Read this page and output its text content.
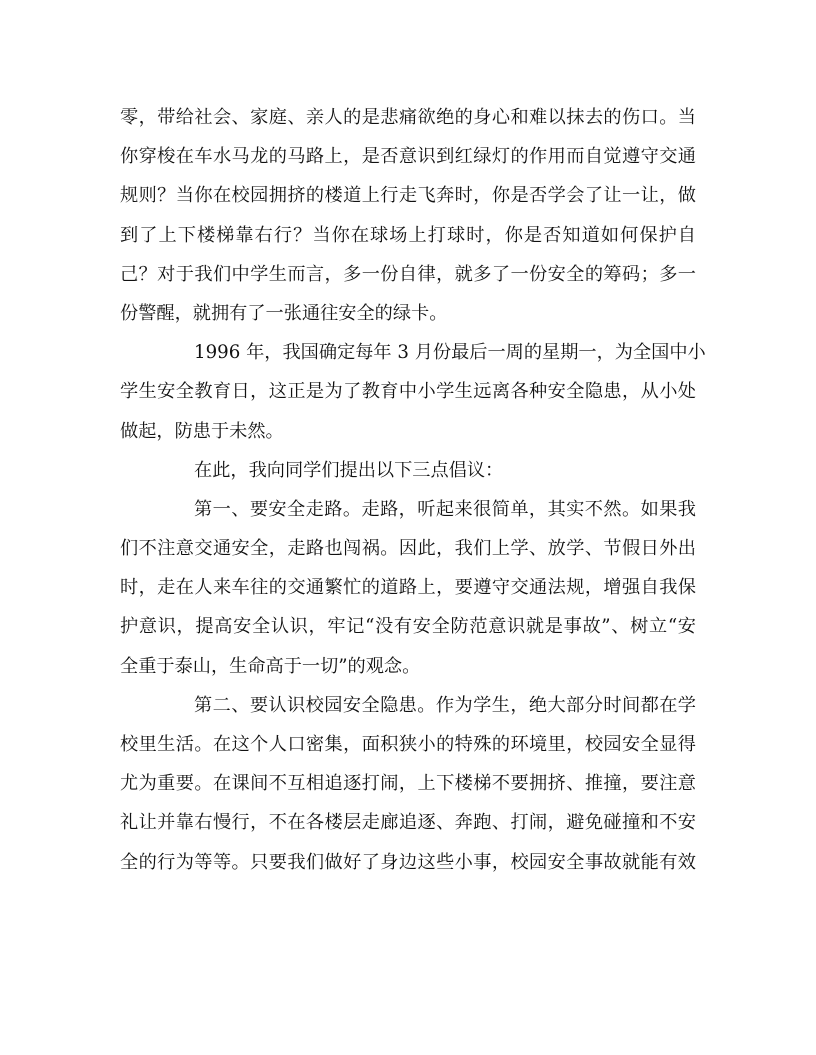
零，带给社会、家庭、亲人的是悲痛欲绝的身心和难以抹去的伤口。当
你穿梭在车水马龙的马路上，是否意识到红绿灯的作用而自觉遵守交通
规则？当你在校园拥挤的楼道上行走飞奔时，你是否学会了让一让，做
到了上下楼梯靠右行？当你在球场上打球时，你是否知道如何保护自
己？对于我们中学生而言，多一份自律，就多了一份安全的筹码；多一
份警醒，就拥有了一张通往安全的绿卡。
1996 年，我国确定每年 3 月份最后一周的星期一，为全国中小
学生安全教育日，这正是为了教育中小学生远离各种安全隐患，从小处
做起，防患于未然。
在此，我向同学们提出以下三点倡议：
第一、要安全走路。走路，听起来很简单，其实不然。如果我
们不注意交通安全，走路也闯祸。因此，我们上学、放学、节假日外出
时，走在人来车往的交通繁忙的道路上，要遵守交通法规，增强自我保
护意识，提高安全认识，牢记“没有安全防范意识就是事故”、树立“安
全重于泰山，生命高于一切”的观念。
第二、要认识校园安全隐患。作为学生，绝大部分时间都在学
校里生活。在这个人口密集，面积狭小的特殊的环境里，校园安全显得
尤为重要。在课间不互相追逐打闹，上下楼梯不要拥挤、推撞，要注意
礼让并靠右慢行，不在各楼层走廊追逐、奔跑、打闹，避免碰撞和不安
全的行为等等。只要我们做好了身边这些小事，校园安全事故就能有效
